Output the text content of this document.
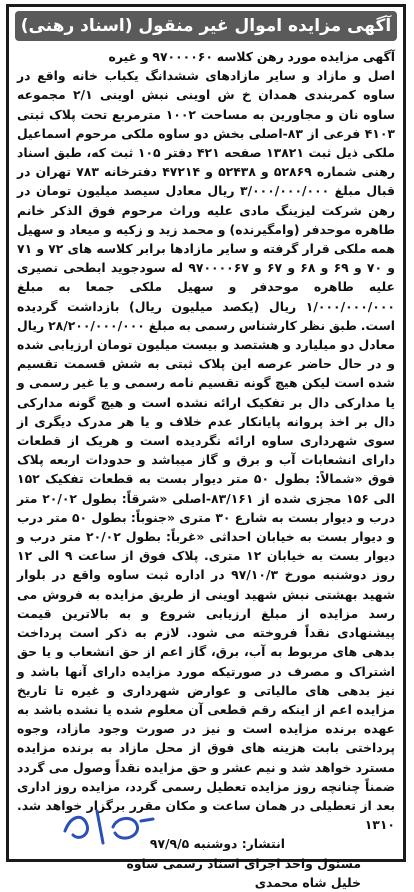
آگهی مزایده اموال غیر منقول (اسناد رهنی)

آگهی مزایده مورد رهن کلاسه ۹۷۰۰۰۰۶۰ و غیره

اصل و مازاد و سایر مازادهای ششدانگ یکباب خانه واقع در ساوه کمربندی همدان خ ش اوینی نبش اوینی ۲/۱ مجموعه ساوه نان و مجاورین به مساحت ۱۰۰۲ مترمربع تحت پلاک ثبتی ۴۱۰۳ فرعی از ۸۳-اصلی بخش دو ساوه ملکی مرحوم اسماعیل ملکی ذیل ثبت ۱۳۸۲۱ صفحه ۴۲۱ دفتر ۱۰۵ ثبت که، طبق اسناد رهنی شماره ۵۲۸۶۹ و ۵۲۴۳۸ و ۴۷۲۱۴ دفترخانه ۷۸۳ تهران در قبال مبلغ ۳/۰۰۰/۰۰۰/۰۰۰ ریال معادل سیصد میلیون تومان در رهن شرکت لیزینگ مادی علیه وراث مرحوم فوق الذکر خانم طاهره موحدفر (وامگیرنده) و محمد زید و زکیه و میعاد و سهیل همه ملکی قرار گرفته و سایر مازادها برابر کلاسه های ۷۲ و ۷۱ و ۷۰ و ۶۹ و ۶۸ و ۶۷ و ۹۷۰۰۰۰۶۷ له سودجوید ابطحی نصیری علیه طاهره موحدفر و سهیل ملکی جمعا به مبلغ ۱/۰۰۰/۰۰۰/۰۰۰ ریال (یکصد میلیون ریال) بازداشت گردیده است. طبق نظر کارشناس رسمی به مبلغ ۲۸/۲۰۰/۰۰۰/۰۰۰ ریال معادل دو میلیارد و هشتصد و بیست میلیون تومان ارزیابی شده و در حال حاضر عرصه این پلاک ثبتی به شش قسمت تقسیم شده است لیکن هیچ گونه تقسیم نامه رسمی و یا غیر رسمی و یا مدارکی دال بر تفکیک ارائه نشده است و هیچ گونه مدارکی دال بر اخذ پروانه پایانکار عدم خلاف و یا هر مدرک دیگری از سوی شهرداری ساوه ارائه نگردیده است و هریک از قطعات دارای انشعابات آب و برق و گاز میباشد و حدودات اربعه پلاک فوق «شمالاً: بطول ۵۰ متر دیوار بست به قطعات تفکیک ۱۵۲ الی ۱۵۶ مجزی شده از ۸۳/۱۶۱-اصلی «شرقاً: بطول ۲۰/۰۲ متر درب و دیوار بست به شارع ۳۰ متری «جنوباً: بطول ۵۰ متر درب و دیوار بست به خیابان احداثی «غرباً: بطول ۲۰/۰۲ متر درب و دیوار بست به خیابان ۱۲ متری. پلاک فوق از ساعت ۹ الی ۱۲ روز دوشنبه مورخ ۹۷/۱۰/۳ در اداره ثبت ساوه واقع در بلوار شهید بهشتی نبش شهید اوینی از طریق مزایده به فروش می رسد مزایده از مبلغ ارزیابی شروع و به بالاترین قیمت پیشنهادی نقداً فروخته می شود. لازم به ذکر است پرداخت بدهی های مربوط به آب، برق، گاز اعم از حق انشعاب و یا حق اشتراک و مصرف در صورتیکه مورد مزایده دارای آنها باشد و نیز بدهی های مالیاتی و عوارض شهرداری و غیره تا تاریخ مزایده اعم از اینکه رقم قطعی آن معلوم شده یا نشده باشد به عهده برنده مزایده است و نیز در صورت وجود مازاد، وجوه پرداختی بابت هزینه های فوق از محل مازاد به برنده مزایده مسترد خواهد شد و نیم عشر و حق مزایده نقداً وصول می گردد ضمناً چنانچه روز مزایده تعطیل رسمی گردد، مزایده روز اداری بعد از تعطیلی در همان ساعت و مکان مقرر برگزار خواهد شد. ۱۳۱۰

انتشار: دوشنبه ۹۷/۹/۵
مسئول واحد اجرای اسناد رسمی ساوه
خلیل شاه محمدی
